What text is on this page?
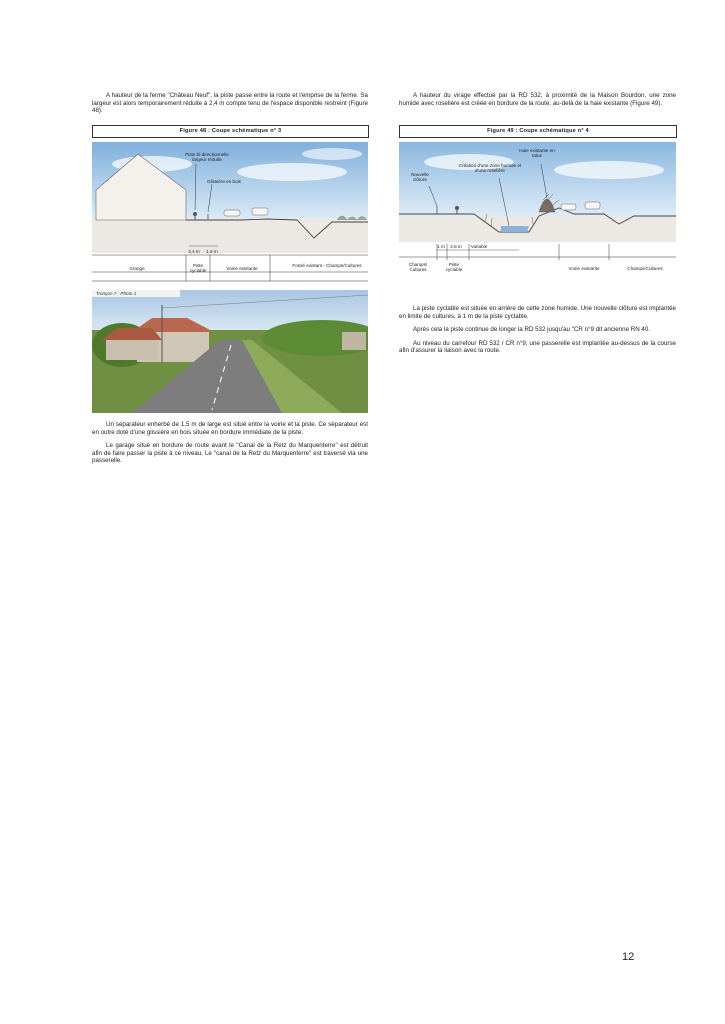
A hauteur de la ferme "Château Neuf", la piste passe entre la route et l'emprise de la ferme. Sa largeur est alors temporairement réduite à 2,4 m compte tenu de l'espace disponible restreint (Figure 48).

Figure 48 : Coupe schématique n° 3
Piste bi-directionnelle largeur réduite
Glissière en bois
2,4 m 1,5 m
Grange
Piste cyclable	Voirie existante
Fossé existant - Champs/Cultures
Tronçon 7 - Photo 1

Un séparateur enherbé de 1,5 m de large est situé entre la voirie et la piste. Ce séparateur est en outre doté d'une glissière en bois située en bordure immédiate de la piste.

Le garage situé en bordure de route avant le "Canal de la Retz du Marquenterre" est détruit afin de faire passer la piste à ce niveau. Le "canal de la Retz du Marquenterre" est traversé via une passerelle.

A hauteur du virage effectué par la RD 532, à proximité de la Maison Bourdon, une zone humide avec roselière est créée en bordure de la route, au-delà de la haie existante (Figure 49).

Figure 49 : Coupe schématique n° 4
Haie existante en talus
Création d'une zone humide et d'une roselière
Nouvelle clôture
1 m	2,8 m	Variable
Champs/ Cultures
Piste cyclable	Voirie existante	Champs/Cultures

La piste cyclable est située en arrière de cette zone humide. Une nouvelle clôture est implantée en limite de cultures, à 1 m de la piste cyclable.

Après cela la piste continue de longer la RD 532 jusqu'au "CR n°9 dit ancienne RN 40.

Au niveau du carrefour RD 532 / CR n°9, une passerelle est implantée au-dessus de la course afin d'assurer la liaison avec la route.

12
